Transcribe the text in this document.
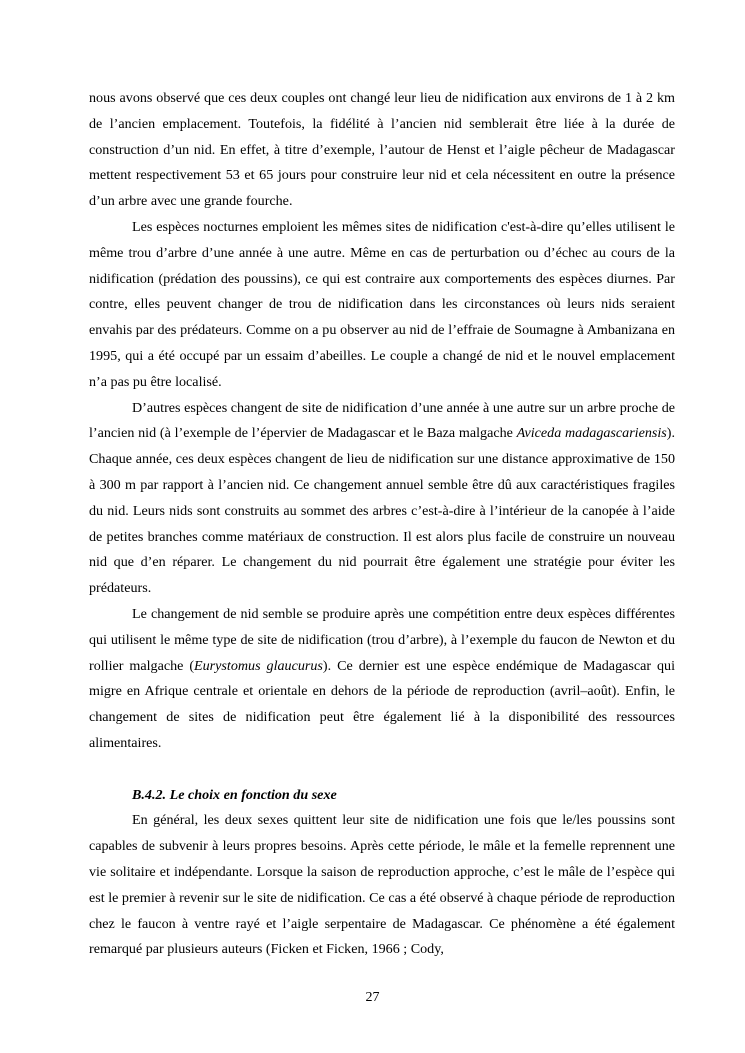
nous avons observé que ces deux couples ont changé leur lieu de nidification aux environs de 1 à 2 km de l’ancien emplacement. Toutefois, la fidélité à l’ancien nid semblerait être liée à la durée de construction d’un nid. En effet, à titre d’exemple, l’autour de Henst et l’aigle pêcheur de Madagascar mettent respectivement 53 et 65 jours pour construire leur nid et cela nécessitent en outre la présence d’un arbre avec une grande fourche.

Les espèces nocturnes emploient les mêmes sites de nidification c'est-à-dire qu’elles utilisent le même trou d’arbre d’une année à une autre. Même en cas de perturbation ou d’échec au cours de la nidification (prédation des poussins), ce qui est contraire aux comportements des espèces diurnes. Par contre, elles peuvent changer de trou de nidification dans les circonstances où leurs nids seraient envahis par des prédateurs. Comme on a pu observer au nid de l’effraie de Soumagne à Ambanizana en 1995, qui a été occupé par un essaim d’abeilles. Le couple a changé de nid et le nouvel emplacement n’a pas pu être localisé.

D’autres espèces changent de site de nidification d’une année à une autre sur un arbre proche de l’ancien nid (à l’exemple de l’épervier de Madagascar et le Baza malgache Aviceda madagascariensis). Chaque année, ces deux espèces changent de lieu de nidification sur une distance approximative de 150 à 300 m par rapport à l’ancien nid. Ce changement annuel semble être dû aux caractéristiques fragiles du nid. Leurs nids sont construits au sommet des arbres c’est-à-dire à l’intérieur de la canopée à l’aide de petites branches comme matériaux de construction. Il est alors plus facile de construire un nouveau nid que d’en réparer. Le changement du nid pourrait être également une stratégie pour éviter les prédateurs.

Le changement de nid semble se produire après une compétition entre deux espèces différentes qui utilisent le même type de site de nidification (trou d’arbre), à l’exemple du faucon de Newton et du rollier malgache (Eurystomus glaucurus). Ce dernier est une espèce endémique de Madagascar qui migre en Afrique centrale et orientale en dehors de la période de reproduction (avril–août). Enfin, le changement de sites de nidification peut être également lié à la disponibilité des ressources alimentaires.

B.4.2. Le choix en fonction du sexe

En général, les deux sexes quittent leur site de nidification une fois que le/les poussins sont capables de subvenir à leurs propres besoins. Après cette période, le mâle et la femelle reprennent une vie solitaire et indépendante. Lorsque la saison de reproduction approche, c’est le mâle de l’espèce qui est le premier à revenir sur le site de nidification. Ce cas a été observé à chaque période de reproduction chez le faucon à ventre rayé et l’aigle serpentaire de Madagascar. Ce phénomène a été également remarqué par plusieurs auteurs (Ficken et Ficken, 1966 ; Cody,

27
